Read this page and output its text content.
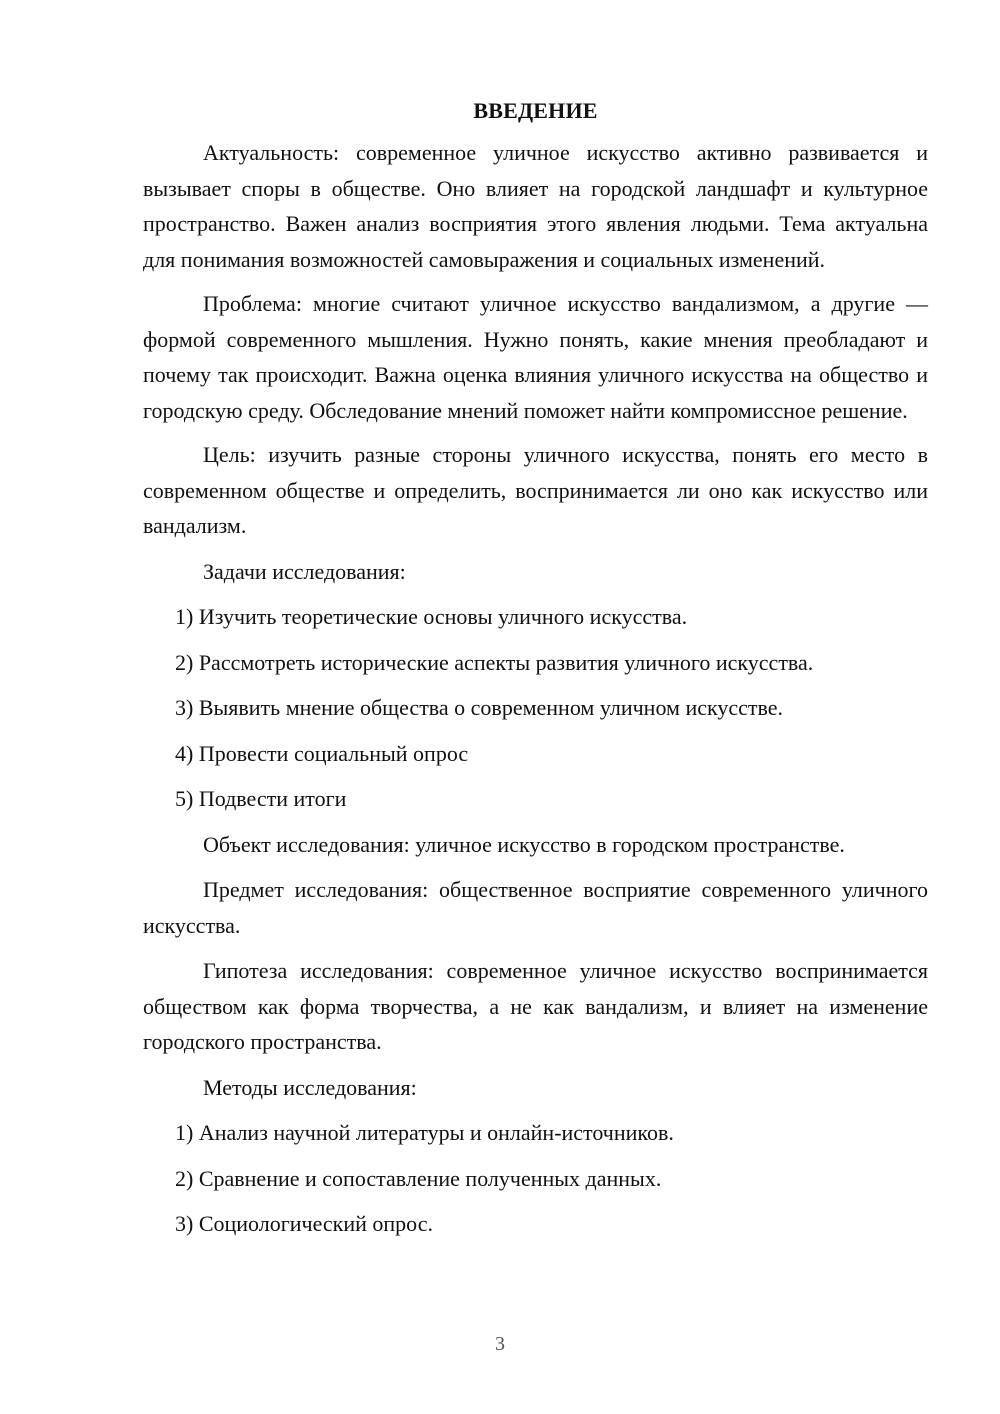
ВВЕДЕНИЕ

Актуальность: современное уличное искусство активно развивается и вызывает споры в обществе. Оно влияет на городской ландшафт и культурное пространство. Важен анализ восприятия этого явления людьми. Тема актуальна для понимания возможностей самовыражения и социальных изменений.

Проблема: многие считают уличное искусство вандализмом, а другие — формой современного мышления. Нужно понять, какие мнения преобладают и почему так происходит. Важна оценка влияния уличного искусства на общество и городскую среду. Обследование мнений поможет найти компромиссное решение.

Цель: изучить разные стороны уличного искусства, понять его место в современном обществе и определить, воспринимается ли оно как искусство или вандализм.

Задачи исследования:

1) Изучить теоретические основы уличного искусства.

2) Рассмотреть исторические аспекты развития уличного искусства.

3) Выявить мнение общества о современном уличном искусстве.

4) Провести социальный опрос

5) Подвести итоги

Объект исследования: уличное искусство в городском пространстве.

Предмет исследования: общественное восприятие современного уличного искусства.

Гипотеза исследования: современное уличное искусство воспринимается обществом как форма творчества, а не как вандализм, и влияет на изменение городского пространства.

Методы исследования:

1) Анализ научной литературы и онлайн-источников.

2) Сравнение и сопоставление полученных данных.

3) Социологический опрос.

3
